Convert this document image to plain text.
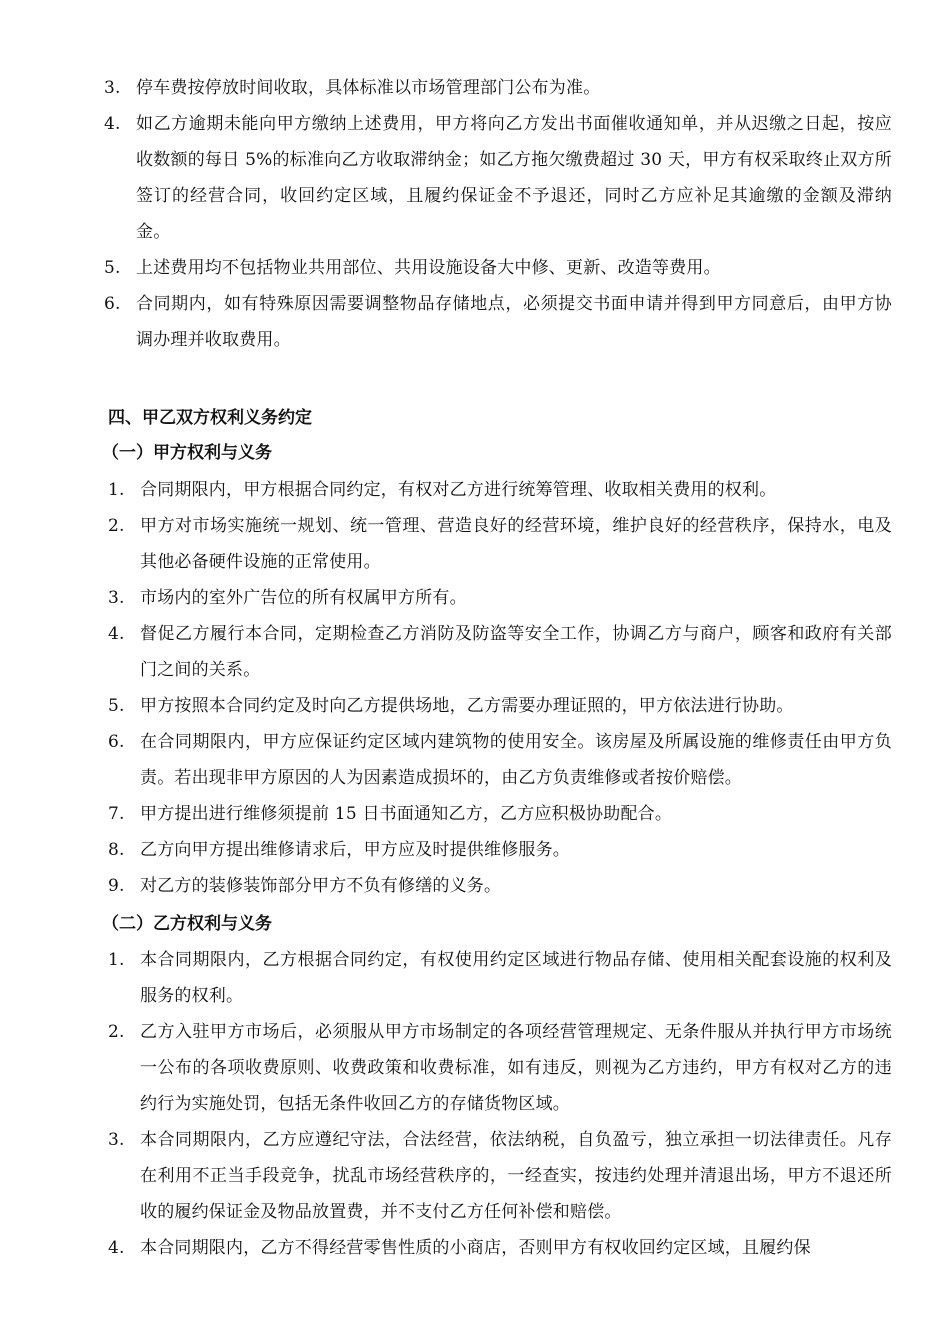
3. 停车费按停放时间收取，具体标准以市场管理部门公布为准。
4. 如乙方逾期未能向甲方缴纳上述费用，甲方将向乙方发出书面催收通知单，并从迟缴之日起，按应收数额的每日 5%的标准向乙方收取滞纳金；如乙方拖欠缴费超过 30 天，甲方有权采取终止双方所签订的经营合同，收回约定区域，且履约保证金不予退还，同时乙方应补足其逾缴的金额及滞纳金。
5. 上述费用均不包括物业共用部位、共用设施设备大中修、更新、改造等费用。
6. 合同期内，如有特殊原因需要调整物品存储地点，必须提交书面申请并得到甲方同意后，由甲方协调办理并收取费用。
四、甲乙双方权利义务约定
（一）甲方权利与义务
1. 合同期限内，甲方根据合同约定，有权对乙方进行统筹管理、收取相关费用的权利。
2. 甲方对市场实施统一规划、统一管理、营造良好的经营环境，维护良好的经营秩序，保持水，电及其他必备硬件设施的正常使用。
3. 市场内的室外广告位的所有权属甲方所有。
4. 督促乙方履行本合同，定期检查乙方消防及防盗等安全工作，协调乙方与商户，顾客和政府有关部门之间的关系。
5. 甲方按照本合同约定及时向乙方提供场地，乙方需要办理证照的，甲方依法进行协助。
6. 在合同期限内，甲方应保证约定区域内建筑物的使用安全。该房屋及所属设施的维修责任由甲方负责。若出现非甲方原因的人为因素造成损坏的，由乙方负责维修或者按价赔偿。
7. 甲方提出进行维修须提前 15 日书面通知乙方，乙方应积极协助配合。
8. 乙方向甲方提出维修请求后，甲方应及时提供维修服务。
9. 对乙方的装修装饰部分甲方不负有修缮的义务。
（二）乙方权利与义务
1. 本合同期限内，乙方根据合同约定，有权使用约定区域进行物品存储、使用相关配套设施的权利及服务的权利。
2. 乙方入驻甲方市场后，必须服从甲方市场制定的各项经营管理规定、无条件服从并执行甲方市场统一公布的各项收费原则、收费政策和收费标准，如有违反，则视为乙方违约，甲方有权对乙方的违约行为实施处罚，包括无条件收回乙方的存储货物区域。
3. 本合同期限内，乙方应遵纪守法，合法经营，依法纳税，自负盈亏，独立承担一切法律责任。凡存在利用不正当手段竞争，扰乱市场经营秩序的，一经查实，按违约处理并清退出场，甲方不退还所收的履约保证金及物品放置费，并不支付乙方任何补偿和赔偿。
4. 本合同期限内，乙方不得经营零售性质的小商店，否则甲方有权收回约定区域，且履约保
